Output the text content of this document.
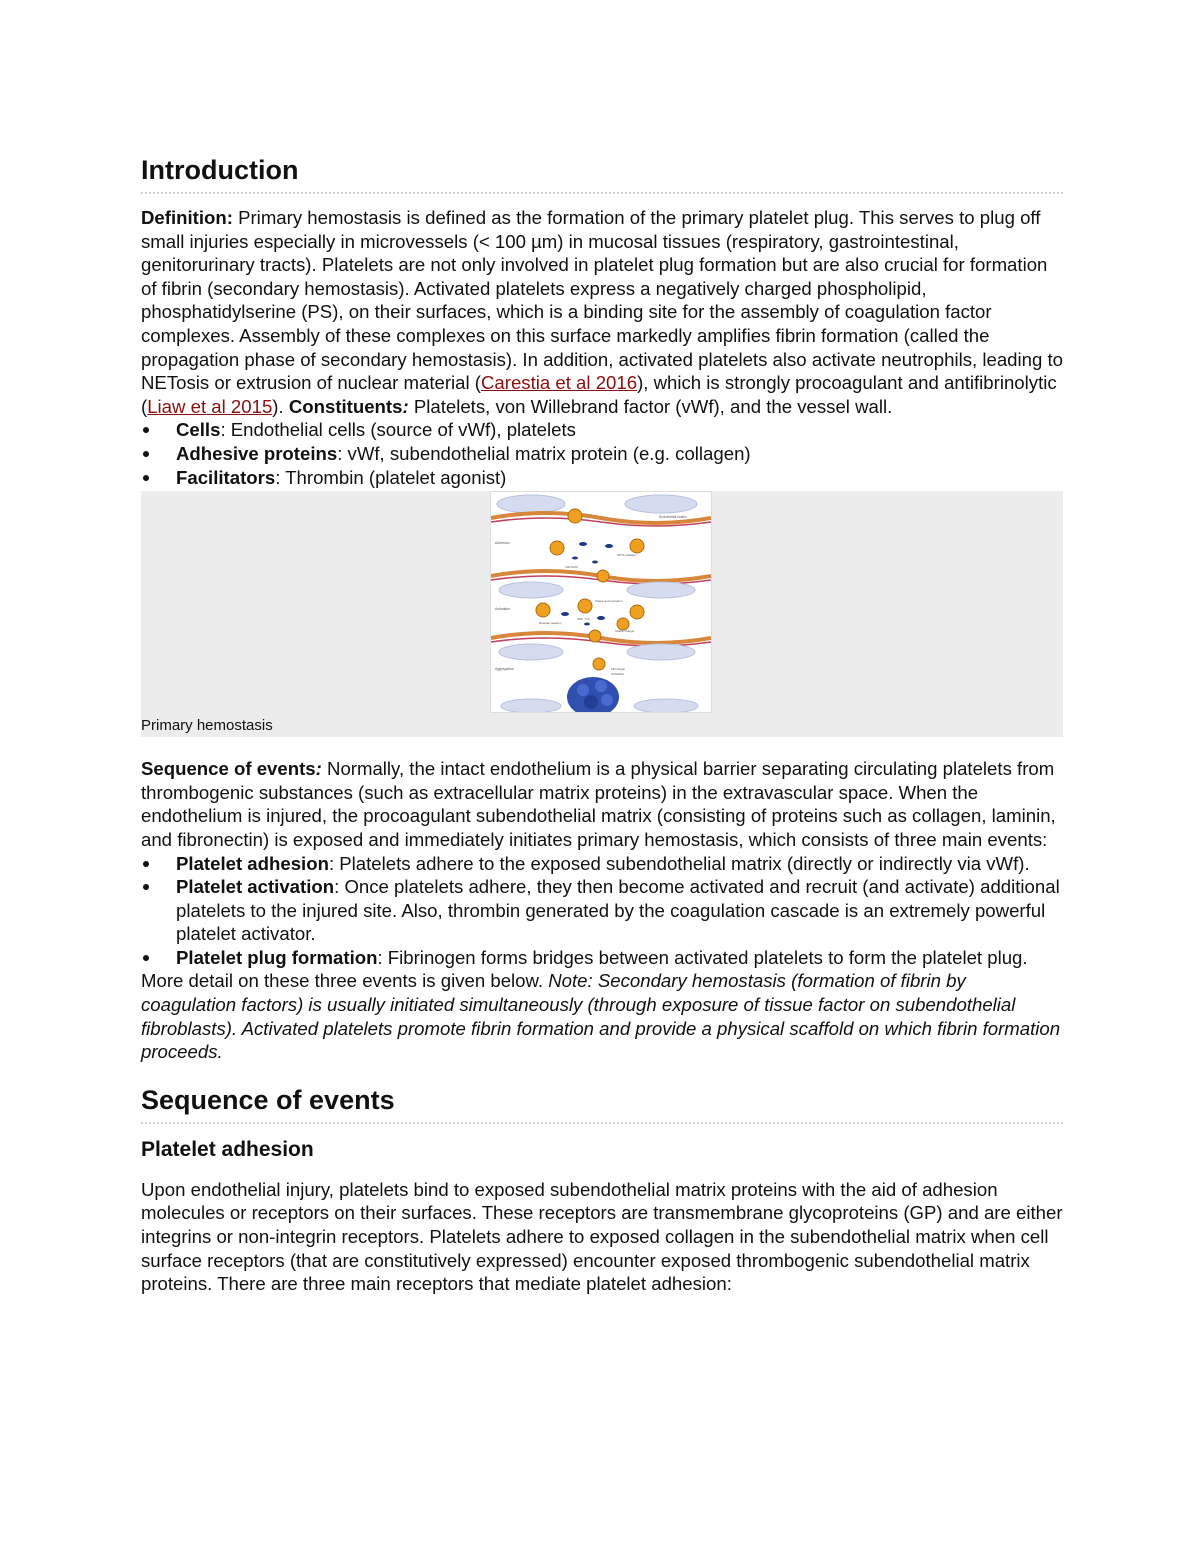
Introduction

Definition: Primary hemostasis is defined as the formation of the primary platelet plug. This serves to plug off small injuries especially in microvessels (< 100 µm) in mucosal tissues (respiratory, gastrointestinal, genitorurinary tracts). Platelets are not only involved in platelet plug formation but are also crucial for formation of fibrin (secondary hemostasis). Activated platelets express a negatively charged phospholipid, phosphatidylserine (PS), on their surfaces, which is a binding site for the assembly of coagulation factor complexes. Assembly of these complexes on this surface markedly amplifies fibrin formation (called the propagation phase of secondary hemostasis). In addition, activated platelets also activate neutrophils, leading to NETosis or extrusion of nuclear material (Carestia et al 2016), which is strongly procoagulant and antifibrinolytic (Liaw et al 2015). Constituents: Platelets, von Willebrand factor (vWf), and the vessel wall.

Cells: Endothelial cells (source of vWf), platelets
Adhesive proteins: vWf, subendothelial matrix protein (e.g. collagen)
Facilitators: Thrombin (platelet agonist)
Endothelial matrix
Adhesion
vWf-GPIb
GPVI-collagen
Activation
Shape and secretion
ADP, TxA
Release reaction
Shape change
Aggregation	Fibrinogen
GPIIb/IIIa
Primary hemostasis

Sequence of events: Normally, the intact endothelium is a physical barrier separating circulating platelets from thrombogenic substances (such as extracellular matrix proteins) in the extravascular space. When the endothelium is injured, the procoagulant subendothelial matrix (consisting of proteins such as collagen, laminin, and fibronectin) is exposed and immediately initiates primary hemostasis, which consists of three main events:

Platelet adhesion: Platelets adhere to the exposed subendothelial matrix (directly or indirectly via vWf).
Platelet activation: Once platelets adhere, they then become activated and recruit (and activate) additional platelets to the injured site. Also, thrombin generated by the coagulation cascade is an extremely powerful platelet activator.
Platelet plug formation: Fibrinogen forms bridges between activated platelets to form the platelet plug.

More detail on these three events is given below. Note: Secondary hemostasis (formation of fibrin by coagulation factors) is usually initiated simultaneously (through exposure of tissue factor on subendothelial fibroblasts). Activated platelets promote fibrin formation and provide a physical scaffold on which fibrin formation proceeds.

Sequence of events
Platelet adhesion

Upon endothelial injury, platelets bind to exposed subendothelial matrix proteins with the aid of adhesion molecules or receptors on their surfaces. These receptors are transmembrane glycoproteins (GP) and are either integrins or non-integrin receptors. Platelets adhere to exposed collagen in the subendothelial matrix when cell surface receptors (that are constitutively expressed) encounter exposed thrombogenic subendothelial matrix proteins. There are three main receptors that mediate platelet adhesion:
